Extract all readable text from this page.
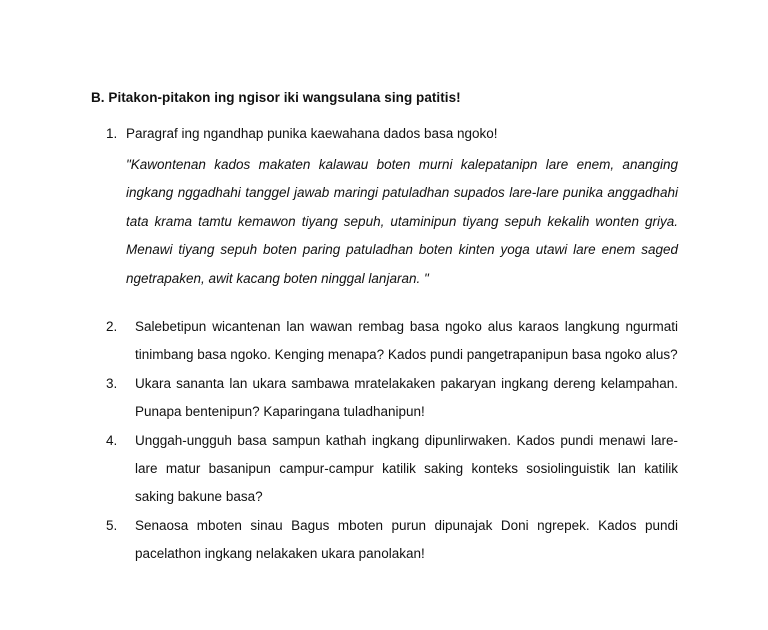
B. Pitakon-pitakon ing ngisor iki wangsulana sing patitis!
1. Paragraf ing ngandhap punika kaewahana dados basa ngoko!
"Kawontenan kados makaten kalawau boten murni kalepatanipn lare enem, ananging ingkang nggadhahi tanggel jawab maringi patuladhan supados lare-lare punika anggadhahi tata krama tamtu kemawon tiyang sepuh, utaminipun tiyang sepuh kekalih wonten griya. Menawi tiyang sepuh boten paring patuladhan boten kinten yoga utawi lare enem saged ngetrapaken, awit kacang boten ninggal lanjaran. "
2. Salebetipun wicantenan lan wawan rembag basa ngoko alus karaos langkung ngurmati tinimbang basa ngoko. Kenging menapa? Kados pundi pangetrapanipun basa ngoko alus?
3. Ukara sananta lan ukara sambawa mratelakaken pakaryan ingkang dereng kelampahan. Punapa bentenipun? Kaparingana tuladhanipun!
4. Unggah-ungguh basa sampun kathah ingkang dipunlirwaken. Kados pundi menawi lare-lare matur basanipun campur-campur katilik saking konteks sosiolinguistik lan katilik saking bakune basa?
5. Senaosa mboten sinau Bagus mboten purun dipunajak Doni ngrepek. Kados pundi pacelathon ingkang nelakaken ukara panolakan!
